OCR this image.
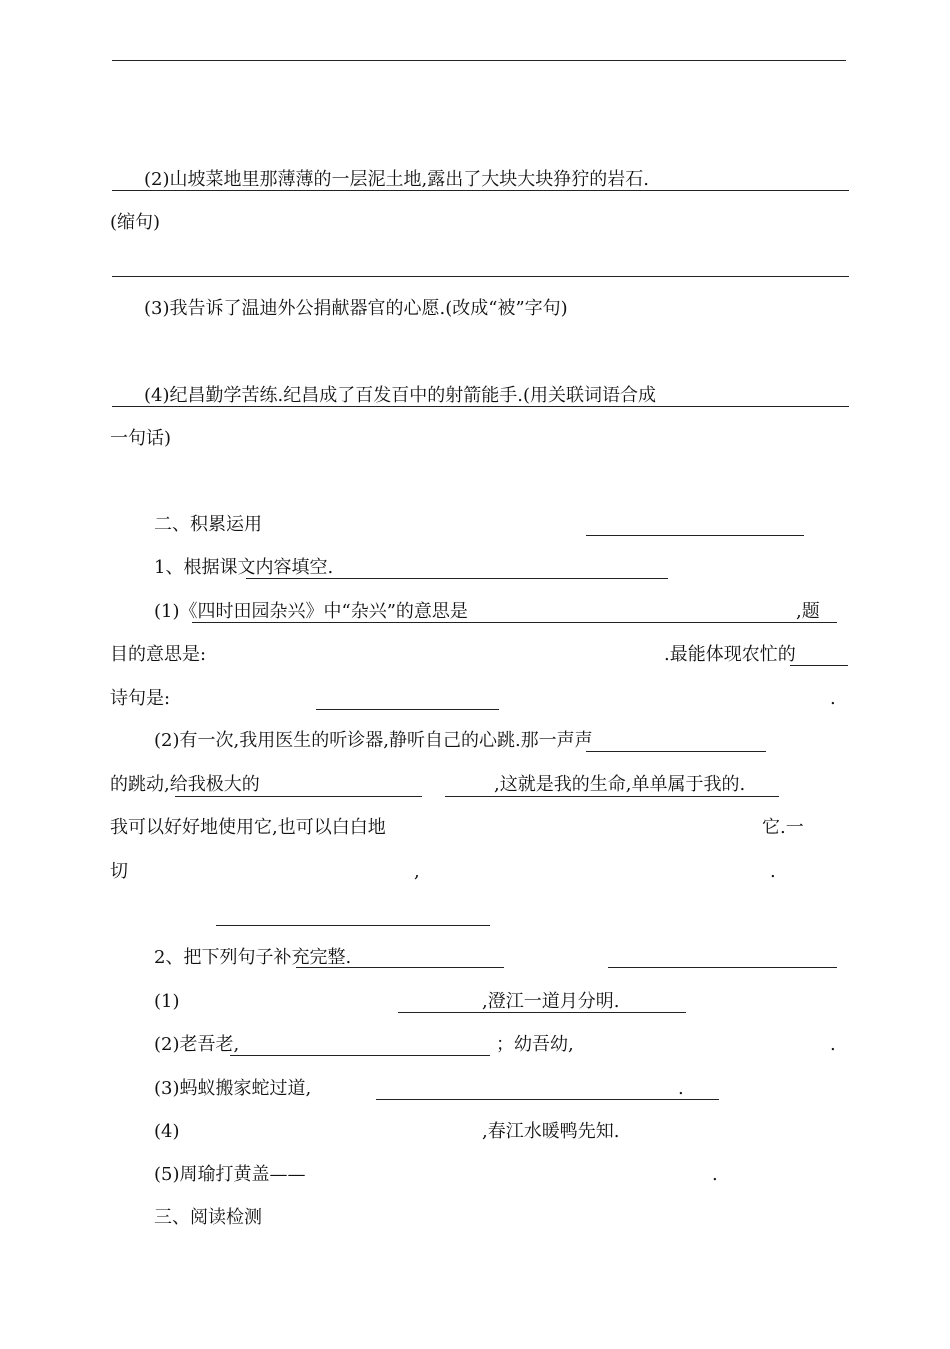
(2)山坡菜地里那薄薄的一层泥土地,露出了大块大块狰狞的岩石.
(缩句)
(3)我告诉了温迪外公捐献器官的心愿.(改成“被”字句)
(4)纪昌勤学苦练.纪昌成了百发百中的射箭能手.(用关联词语合成
一句话)
二、积累运用
1、根据课文内容填空.
(1)《四时田园杂兴》中“杂兴”的意思是	,题
目的意思是:	.最能体现农忙的
诗句是:	.
(2)有一次,我用医生的听诊器,静听自己的心跳.那一声声
的跳动,给我极大的	,这就是我的生命,单单属于我的.
我可以好好地使用它,也可以白白地	它.一
切	,	.
2、把下列句子补充完整.
(1)	,澄江一道月分明.
(2)老吾老,	；幼吾幼,	.
(3)蚂蚁搬家蛇过道,	.
(4)	,春江水暖鸭先知.
(5)周瑜打黄盖——	.
三、阅读检测
